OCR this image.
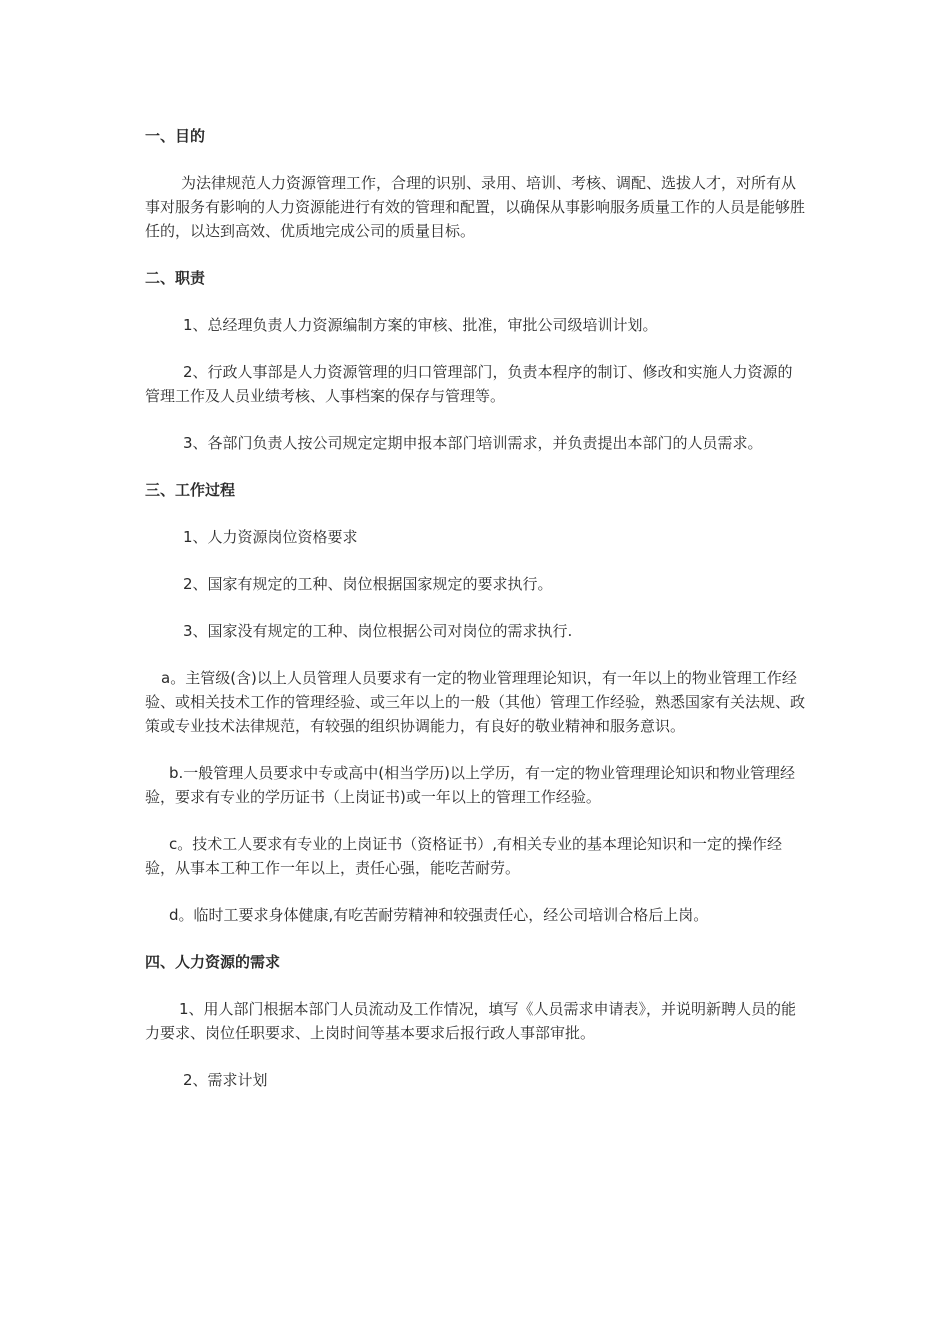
一、目的

为法律规范人力资源管理工作，合理的识别、录用、培训、考核、调配、选拔人才，对所有从事对服务有影响的人力资源能进行有效的管理和配置，以确保从事影响服务质量工作的人员是能够胜任的，以达到高效、优质地完成公司的质量目标。

二、职责

1、总经理负责人力资源编制方案的审核、批准，审批公司级培训计划。

2、行政人事部是人力资源管理的归口管理部门，负责本程序的制订、修改和实施人力资源的管理工作及人员业绩考核、人事档案的保存与管理等。

3、各部门负责人按公司规定定期申报本部门培训需求，并负责提出本部门的人员需求。

三、工作过程

1、人力资源岗位资格要求

2、国家有规定的工种、岗位根据国家规定的要求执行。

3、国家没有规定的工种、岗位根据公司对岗位的需求执行.

a。主管级(含)以上人员管理人员要求有一定的物业管理理论知识，有一年以上的物业管理工作经验、或相关技术工作的管理经验、或三年以上的一般（其他）管理工作经验，熟悉国家有关法规、政策或专业技术法律规范，有较强的组织协调能力，有良好的敬业精神和服务意识。

b.一般管理人员要求中专或高中(相当学历)以上学历，有一定的物业管理理论知识和物业管理经验，要求有专业的学历证书（上岗证书)或一年以上的管理工作经验。

c。技术工人要求有专业的上岗证书（资格证书）,有相关专业的基本理论知识和一定的操作经验，从事本工种工作一年以上，责任心强，能吃苦耐劳。

d。临时工要求身体健康,有吃苦耐劳精神和较强责任心，经公司培训合格后上岗。

四、人力资源的需求

1、用人部门根据本部门人员流动及工作情况，填写《人员需求申请表》，并说明新聘人员的能力要求、岗位任职要求、上岗时间等基本要求后报行政人事部审批。

2、需求计划
